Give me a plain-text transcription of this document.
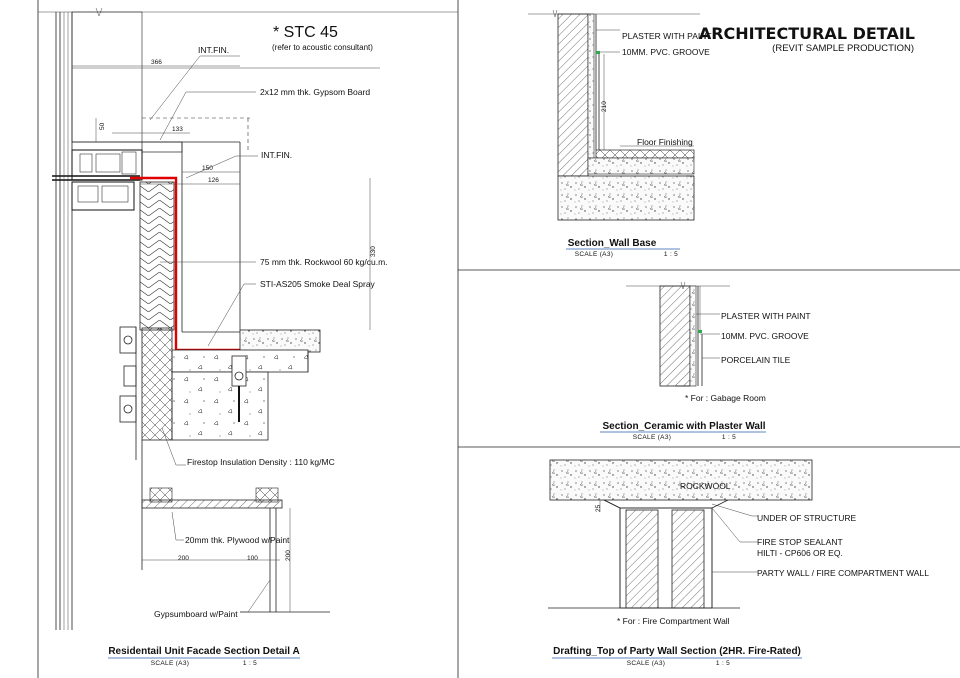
ARCHITECTURAL DETAIL
(REVIT SAMPLE PRODUCTION)
* STC 45
(refer to acoustic consultant)
INT.FIN.
366
2x12 mm thk. Gypsom Board
50	133
INT.FIN.
150
126
330
75 mm thk. Rockwool 60 kg/cu.m.
STI-AS205 Smoke Deal Spray
Firestop Insulation Density : 110 kg/MC
20mm thk. Plywood w/Paint
200	100	200
Gypsumboard w/Paint
Residentail Unit Facade Section Detail A
SCALE (A3)	1 : 5
PLASTER WITH PAINT
10MM. PVC. GROOVE
210
Floor Finishing
Section_Wall Base
SCALE (A3)	1 : 5
PLASTER WITH PAINT
10MM. PVC. GROOVE
PORCELAIN TILE
* For : Gabage Room
Section_Ceramic with Plaster Wall
SCALE (A3)	1 : 5
ROCKWOOL
25
UNDER OF STRUCTURE
FIRE STOP SEALANT
HILTI - CP606 OR EQ.
PARTY WALL / FIRE COMPARTMENT WALL
* For : Fire Compartment Wall
Drafting_Top of Party Wall Section (2HR. Fire-Rated)
SCALE (A3)	1 : 5
